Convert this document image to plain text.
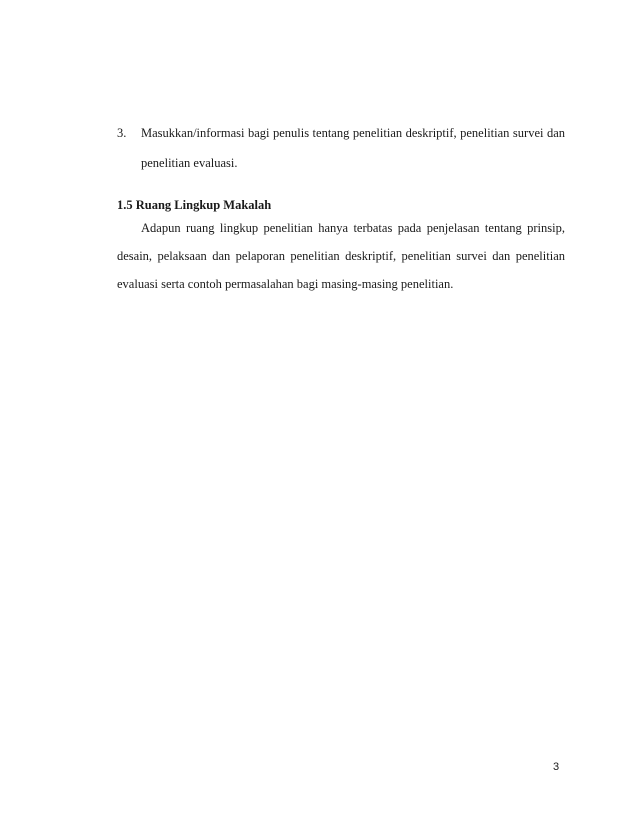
3. Masukkan/informasi bagi penulis tentang penelitian deskriptif, penelitian survei dan
penelitian evaluasi.
1.5 Ruang Lingkup Makalah
Adapun ruang lingkup penelitian hanya terbatas pada penjelasan tentang prinsip,
desain, pelaksaan dan pelaporan penelitian deskriptif, penelitian survei dan penelitian
evaluasi serta contoh permasalahan bagi masing-masing penelitian.
3
